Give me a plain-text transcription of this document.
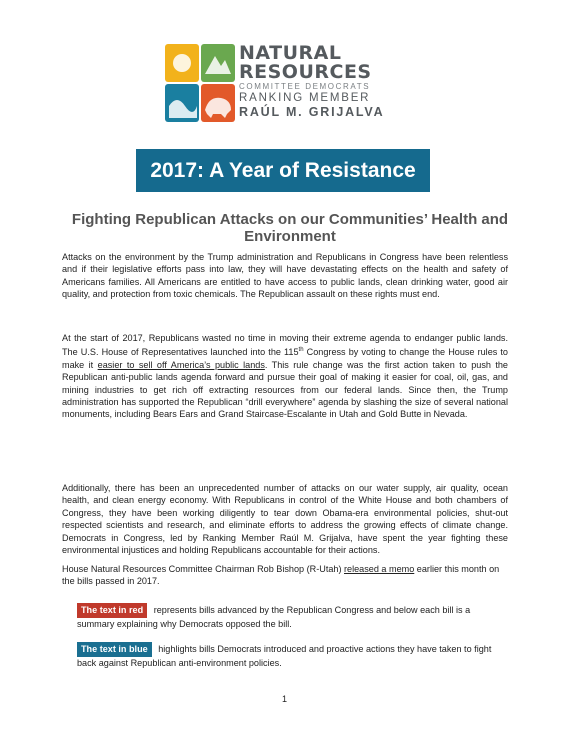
NATURAL
RESOURCES
COMMITTEE DEMOCRATS
RANKING MEMBER
RAÚL M. GRIJALVA
2017: A Year of Resistance
Fighting Republican Attacks on our Communities’ Health and Environment

Attacks on the environment by the Trump administration and Republicans in Congress have been relentless and if their legislative efforts pass into law, they will have devastating effects on the health and safety of Americans families. All Americans are entitled to have access to public lands, clean drinking water, good air quality, and protection from toxic chemicals. The Republican assault on these rights must end.

At the start of 2017, Republicans wasted no time in moving their extreme agenda to endanger public lands. The U.S. House of Representatives launched into the 115th Congress by voting to change the House rules to make it easier to sell off America’s public lands. This rule change was the first action taken to push the Republican anti-public lands agenda forward and pursue their goal of making it easier for coal, oil, gas, and mining industries to get rich off extracting resources from our federal lands. Since then, the Trump administration has supported the Republican “drill everywhere” agenda by slashing the size of several national monuments, including Bears Ears and Grand Staircase-Escalante in Utah and Gold Butte in Nevada.

Additionally, there has been an unprecedented number of attacks on our water supply, air quality, ocean health, and clean energy economy. With Republicans in control of the White House and both chambers of Congress, they have been working diligently to tear down Obama-era environmental policies, shut-out respected scientists and research, and eliminate efforts to address the growing effects of climate change. Democrats in Congress, led by Ranking Member Raúl M. Grijalva, have spent the year fighting these environmental injustices and holding Republicans accountable for their actions.

House Natural Resources Committee Chairman Rob Bishop (R-Utah) released a memo earlier this month on the bills passed in 2017.

The text in red represents bills advanced by the Republican Congress and below each bill is a summary explaining why Democrats opposed the bill.
The text in blue highlights bills Democrats introduced and proactive actions they have taken to fight back against Republican anti-environment policies.
1
